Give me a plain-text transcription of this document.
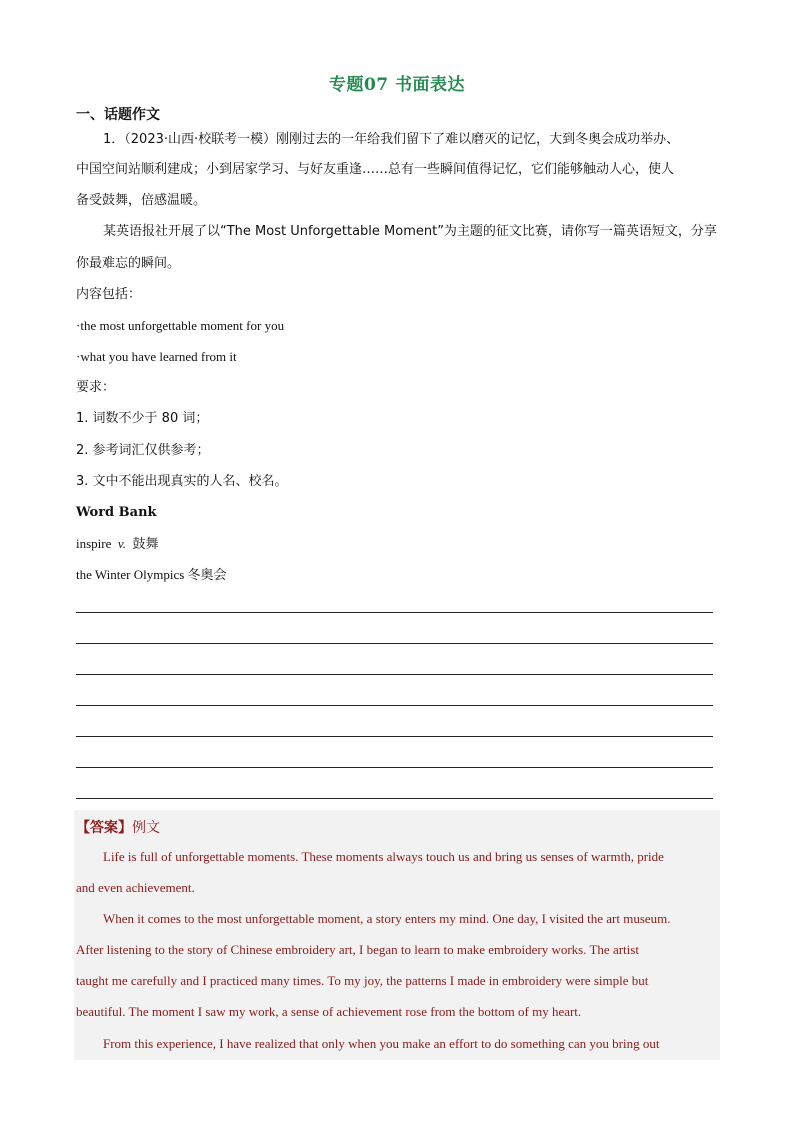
专题07 书面表达
一、话题作文
1．（2023·山西·校联考一模）刚刚过去的一年给我们留下了难以磨灭的记忆，大到冬奥会成功举办、
中国空间站顺利建成；小到居家学习、与好友重逢……总有一些瞬间值得记忆，它们能够触动人心，使人
备受鼓舞，倍感温暖。
某英语报社开展了以“The Most Unforgettable Moment”为主题的征文比赛，请你写一篇英语短文，分享
你最难忘的瞬间。
内容包括：
·the most unforgettable moment for you
·what you have learned from it
要求：
1. 词数不少于 80 词；
2. 参考词汇仅供参考；
3. 文中不能出现真实的人名、校名。
Word Bank
inspire v. 鼓舞
the Winter Olympics 冬奥会
【答案】例文
Life is full of unforgettable moments. These moments always touch us and bring us senses of warmth, pride
and even achievement.
When it comes to the most unforgettable moment, a story enters my mind. One day, I visited the art museum.
After listening to the story of Chinese embroidery art, I began to learn to make embroidery works. The artist
taught me carefully and I practiced many times. To my joy, the patterns I made in embroidery were simple but
beautiful. The moment I saw my work, a sense of achievement rose from the bottom of my heart.
From this experience, I have realized that only when you make an effort to do something can you bring out
